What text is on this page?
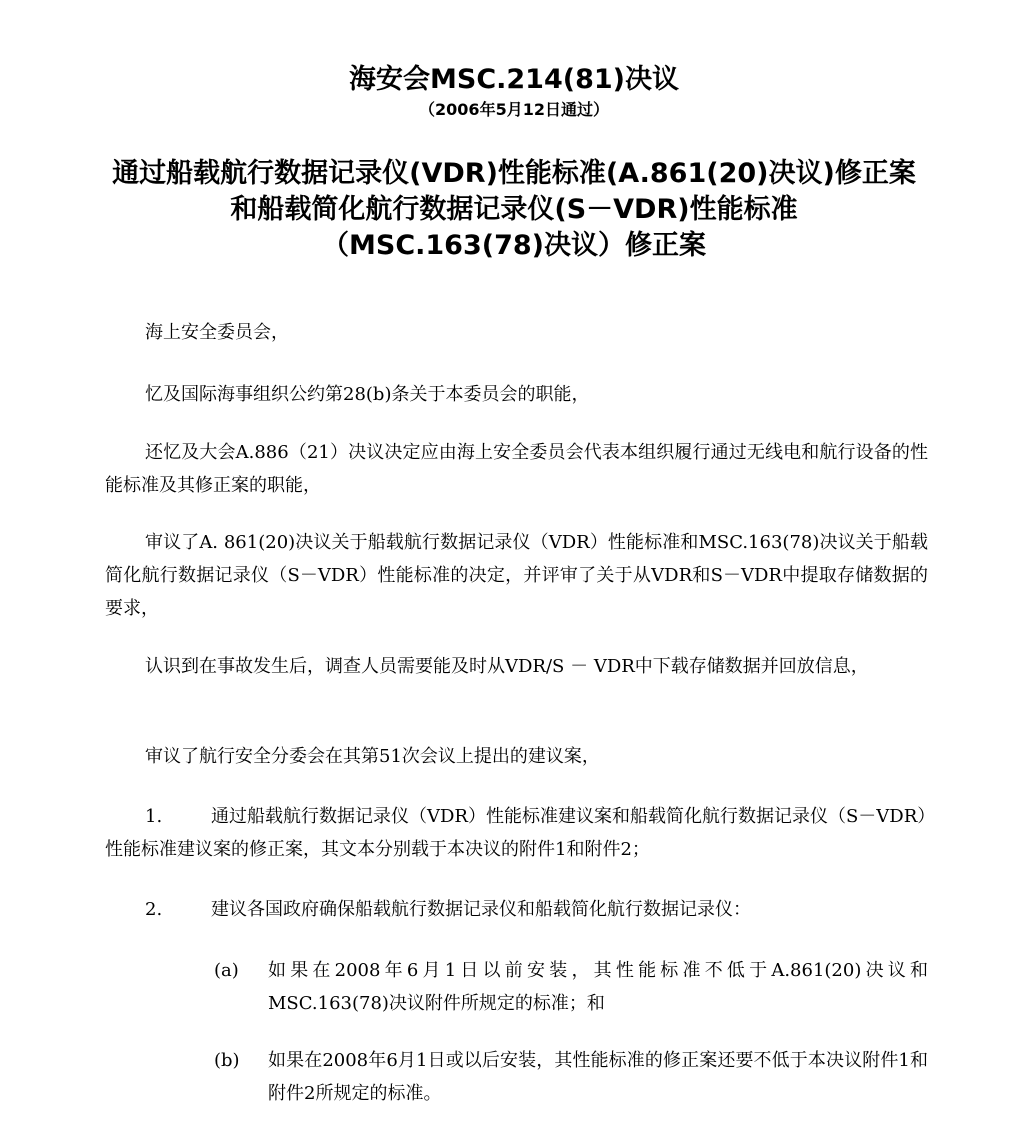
海安会MSC.214(81)决议
（2006年5月12日通过）
通过船载航行数据记录仪(VDR)性能标准(A.861(20)决议)修正案
和船载简化航行数据记录仪(S－VDR)性能标准
（MSC.163(78)决议）修正案

海上安全委员会，

忆及国际海事组织公约第28(b)条关于本委员会的职能，

还忆及大会A.886（21）决议决定应由海上安全委员会代表本组织履行通过无线电和航行设备的性能标准及其修正案的职能，

审议了A. 861(20)决议关于船载航行数据记录仪（VDR）性能标准和MSC.163(78)决议关于船载简化航行数据记录仪（S－VDR）性能标准的决定，并评审了关于从VDR和S－VDR中提取存储数据的要求，

认识到在事故发生后，调查人员需要能及时从VDR/S － VDR中下载存储数据并回放信息，

审议了航行安全分委会在其第51次会议上提出的建议案，

1.	通过船载航行数据记录仪（VDR）性能标准建议案和船载简化航行数据记录仪（S－VDR）性能标准建议案的修正案，其文本分别载于本决议的附件1和附件2；

2.	建议各国政府确保船载航行数据记录仪和船载简化航行数据记录仪：

(a)	如果在2008年6月1日以前安装，其性能标准不低于A.861(20)决议和MSC.163(78)决议附件所规定的标准；和
(b)	如果在2008年6月1日或以后安装，其性能标准的修正案还要不低于本决议附件1和附件2所规定的标准。
